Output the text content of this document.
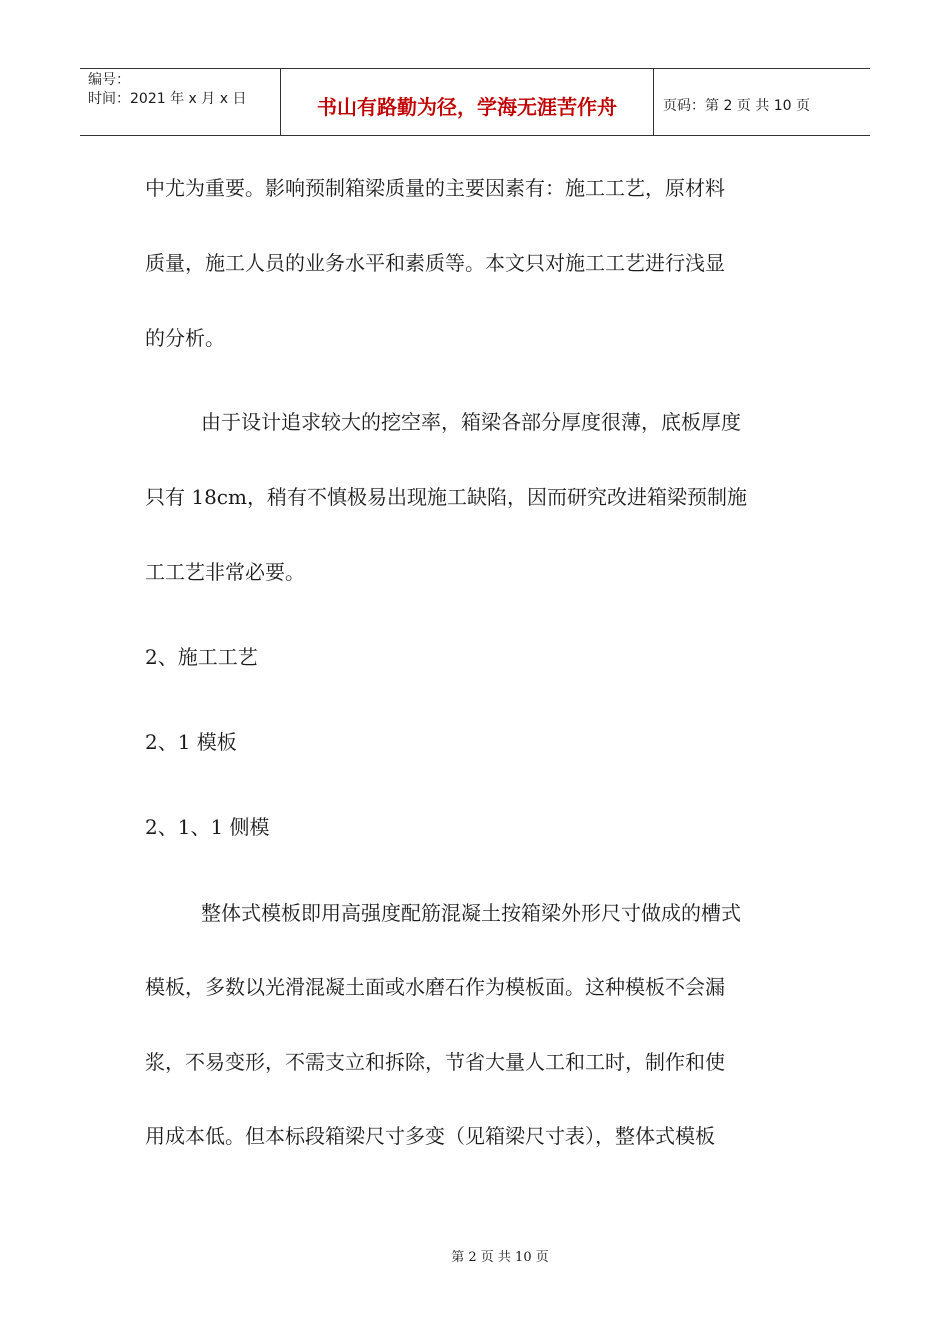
编号：
时间：2021 年 x 月 x 日	书山有路勤为径，学海无涯苦作舟	页码：第 2 页 共 10 页
中尤为重要。影响预制箱梁质量的主要因素有：施工工艺，原材料
质量，施工人员的业务水平和素质等。本文只对施工工艺进行浅显
的分析。
由于设计追求较大的挖空率，箱梁各部分厚度很薄，底板厚度
只有 18cm，稍有不慎极易出现施工缺陷，因而研究改进箱梁预制施
工工艺非常必要。
2、施工工艺
2、1 模板
2、1、1 侧模
整体式模板即用高强度配筋混凝土按箱梁外形尺寸做成的槽式
模板，多数以光滑混凝土面或水磨石作为模板面。这种模板不会漏
浆，不易变形，不需支立和拆除，节省大量人工和工时，制作和使
用成本低。但本标段箱梁尺寸多变（见箱梁尺寸表），整体式模板
第 2 页 共 10 页
